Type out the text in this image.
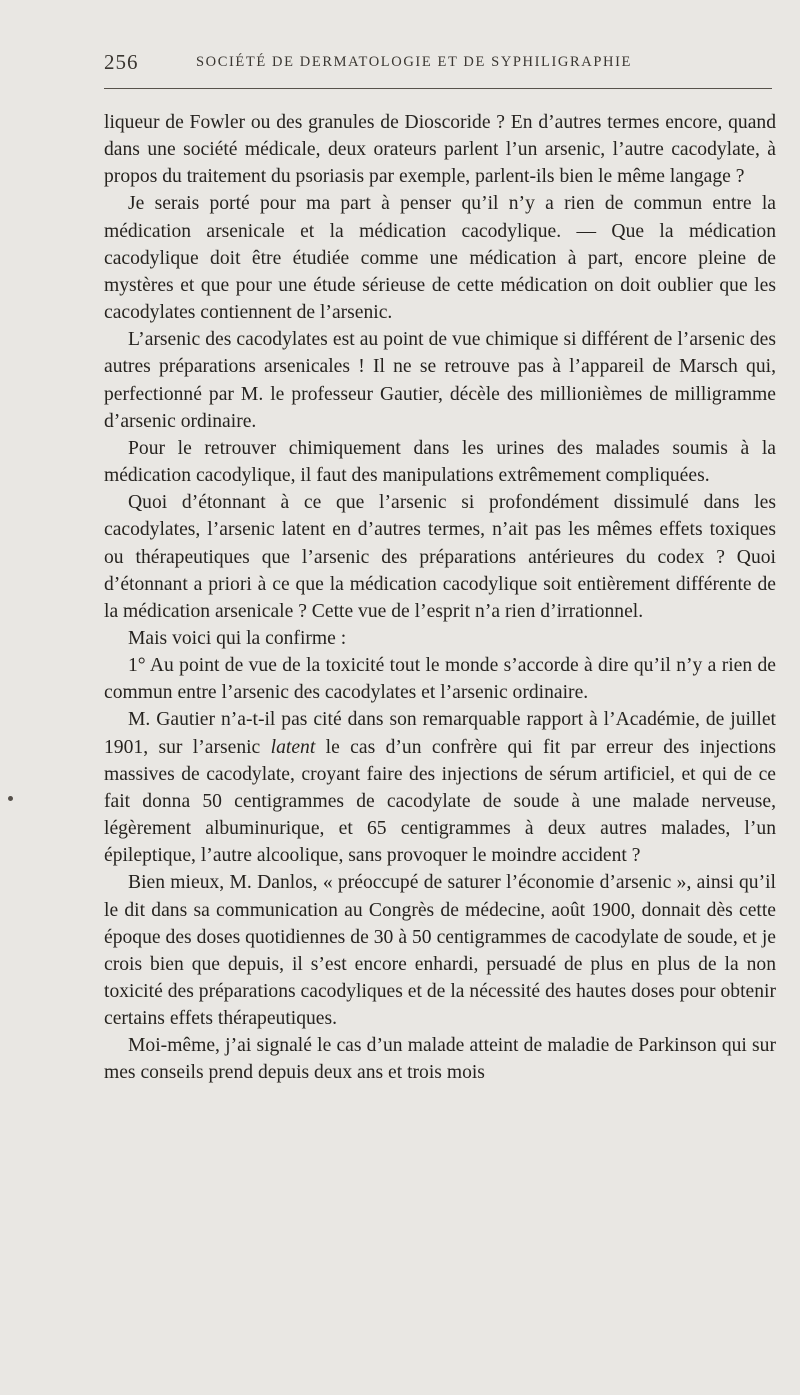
256	SOCIÉTÉ DE DERMATOLOGIE ET DE SYPHILIGRAPHIE

liqueur de Fowler ou des granules de Dioscoride ? En d’autres termes encore, quand dans une société médicale, deux orateurs parlent l’un arsenic, l’autre cacodylate, à propos du traitement du psoriasis par exemple, parlent-ils bien le même langage ?

Je serais porté pour ma part à penser qu’il n’y a rien de commun entre la médication arsenicale et la médication cacodylique. — Que la médication cacodylique doit être étudiée comme une médication à part, encore pleine de mystères et que pour une étude sérieuse de cette médication on doit oublier que les cacodylates contiennent de l’arsenic.

L’arsenic des cacodylates est au point de vue chimique si différent de l’arsenic des autres préparations arsenicales ! Il ne se retrouve pas à l’appareil de Marsch qui, perfectionné par M. le professeur Gautier, décèle des millionièmes de milligramme d’arsenic ordinaire.

Pour le retrouver chimiquement dans les urines des malades soumis à la médication cacodylique, il faut des manipulations extrêmement compliquées.

Quoi d’étonnant à ce que l’arsenic si profondément dissimulé dans les cacodylates, l’arsenic latent en d’autres termes, n’ait pas les mêmes effets toxiques ou thérapeutiques que l’arsenic des préparations antérieures du codex ? Quoi d’étonnant a priori à ce que la médication cacodylique soit entièrement différente de la médication arsenicale ? Cette vue de l’esprit n’a rien d’irrationnel.

Mais voici qui la confirme :

1° Au point de vue de la toxicité tout le monde s’accorde à dire qu’il n’y a rien de commun entre l’arsenic des cacodylates et l’arsenic ordinaire.

M. Gautier n’a-t-il pas cité dans son remarquable rapport à l’Académie, de juillet 1901, sur l’arsenic latent le cas d’un confrère qui fit par erreur des injections massives de cacodylate, croyant faire des injections de sérum artificiel, et qui de ce fait donna 50 centigrammes de cacodylate de soude à une malade nerveuse, légèrement albuminurique, et 65 centigrammes à deux autres malades, l’un épileptique, l’autre alcoolique, sans provoquer le moindre accident ?

Bien mieux, M. Danlos, « préoccupé de saturer l’économie d’arsenic », ainsi qu’il le dit dans sa communication au Congrès de médecine, août 1900, donnait dès cette époque des doses quotidiennes de 30 à 50 centigrammes de cacodylate de soude, et je crois bien que depuis, il s’est encore enhardi, persuadé de plus en plus de la non toxicité des préparations cacodyliques et de la nécessité des hautes doses pour obtenir certains effets thérapeutiques.

Moi-même, j’ai signalé le cas d’un malade atteint de maladie de Parkinson qui sur mes conseils prend depuis deux ans et trois mois
